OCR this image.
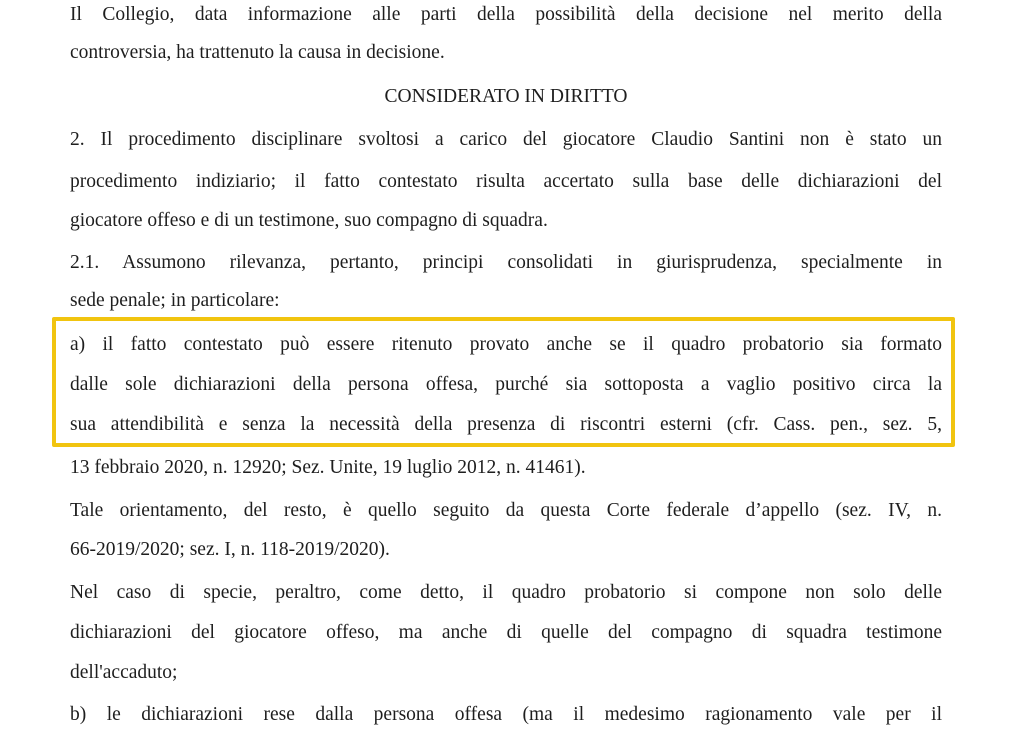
Il Collegio, data informazione alle parti della possibilità della decisione nel merito della
controversia, ha trattenuto la causa in decisione.
CONSIDERATO IN DIRITTO
2. Il procedimento disciplinare svoltosi a carico del giocatore Claudio Santini non è stato un
procedimento indiziario; il fatto contestato risulta accertato sulla base delle dichiarazioni del
giocatore offeso e di un testimone, suo compagno di squadra.
2.1. Assumono rilevanza, pertanto, principi consolidati in giurisprudenza, specialmente in
sede penale; in particolare:
a) il fatto contestato può essere ritenuto provato anche se il quadro probatorio sia formato
dalle sole dichiarazioni della persona offesa, purché sia sottoposta a vaglio positivo circa la
sua attendibilità e senza la necessità della presenza di riscontri esterni (cfr. Cass. pen., sez. 5,
13 febbraio 2020, n. 12920; Sez. Unite, 19 luglio 2012, n. 41461).
Tale orientamento, del resto, è quello seguito da questa Corte federale d’appello (sez. IV, n.
66-2019/2020; sez. I, n. 118-2019/2020).
Nel caso di specie, peraltro, come detto, il quadro probatorio si compone non solo delle
dichiarazioni del giocatore offeso, ma anche di quelle del compagno di squadra testimone
dell'accaduto;
b) le dichiarazioni rese dalla persona offesa (ma il medesimo ragionamento vale per il
